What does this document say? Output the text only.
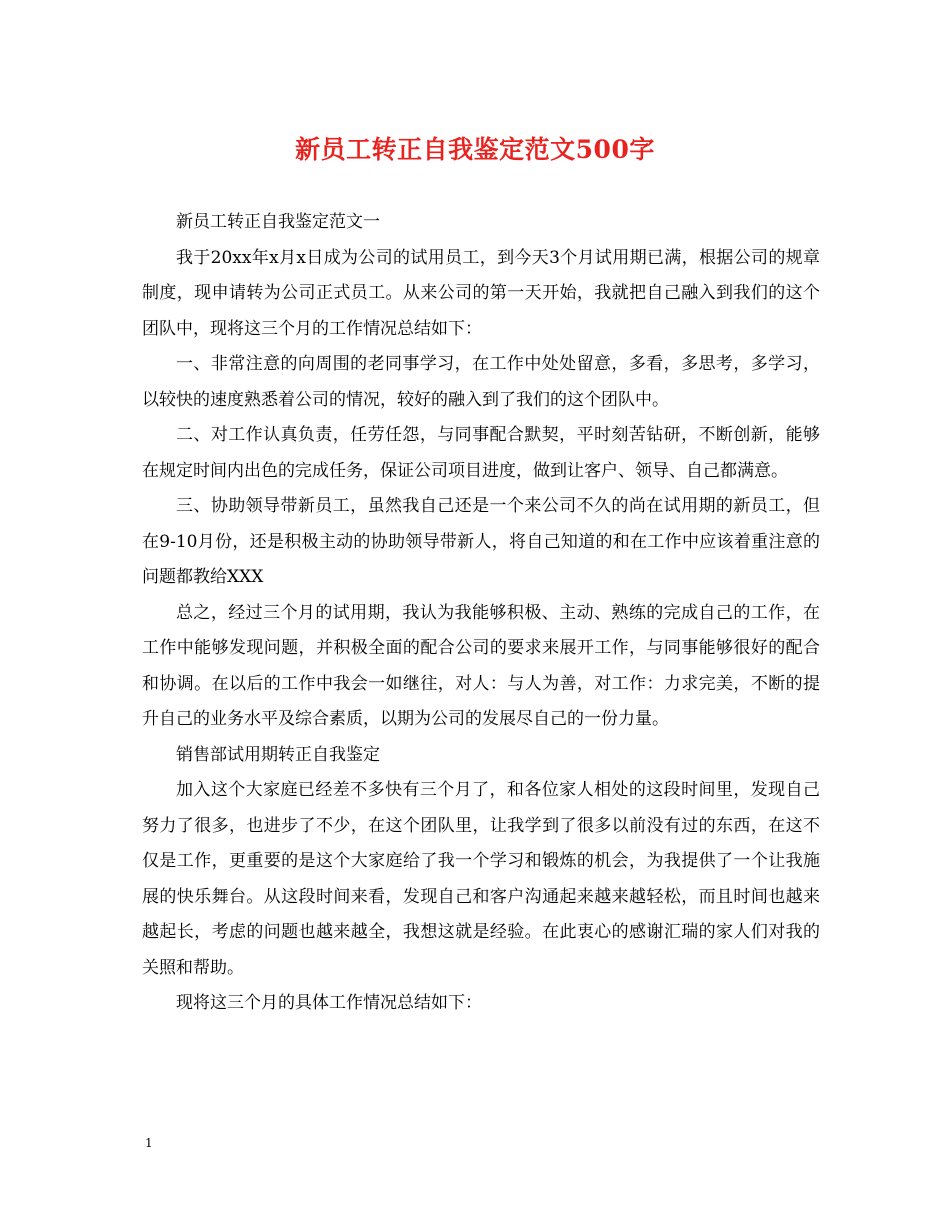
新员工转正自我鉴定范文500字

新员工转正自我鉴定范文一

我于20xx年x月x日成为公司的试用员工，到今天3个月试用期已满，根据公司的规章制度，现申请转为公司正式员工。从来公司的第一天开始，我就把自己融入到我们的这个团队中，现将这三个月的工作情况总结如下：

一、非常注意的向周围的老同事学习，在工作中处处留意，多看，多思考，多学习，以较快的速度熟悉着公司的情况，较好的融入到了我们的这个团队中。

二、对工作认真负责，任劳任怨，与同事配合默契，平时刻苦钻研，不断创新，能够在规定时间内出色的完成任务，保证公司项目进度，做到让客户、领导、自己都满意。

三、协助领导带新员工，虽然我自己还是一个来公司不久的尚在试用期的新员工，但在9-10月份，还是积极主动的协助领导带新人，将自己知道的和在工作中应该着重注意的问题都教给XXX

总之，经过三个月的试用期，我认为我能够积极、主动、熟练的完成自己的工作，在工作中能够发现问题，并积极全面的配合公司的要求来展开工作，与同事能够很好的配合和协调。在以后的工作中我会一如继往，对人：与人为善，对工作：力求完美，不断的提升自己的业务水平及综合素质，以期为公司的发展尽自己的一份力量。

销售部试用期转正自我鉴定

加入这个大家庭已经差不多快有三个月了，和各位家人相处的这段时间里，发现自己努力了很多，也进步了不少，在这个团队里，让我学到了很多以前没有过的东西，在这不仅是工作，更重要的是这个大家庭给了我一个学习和锻炼的机会，为我提供了一个让我施展的快乐舞台。从这段时间来看，发现自己和客户沟通起来越来越轻松，而且时间也越来越起长，考虑的问题也越来越全，我想这就是经验。在此衷心的感谢汇瑞的家人们对我的关照和帮助。

现将这三个月的具体工作情况总结如下：

1
